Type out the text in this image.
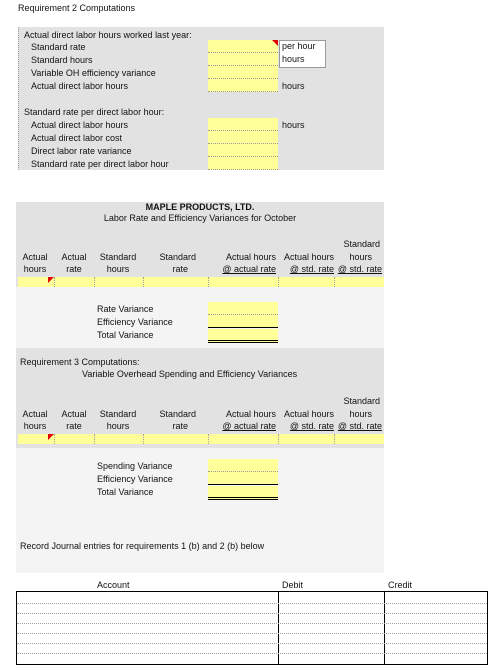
Requirement 2 Computations
Actual direct labor hours worked last year:
Standard rate
Standard hours
Variable OH efficiency variance
Actual direct labor hours
per hour
hours
hours
Standard rate per direct labor hour:
Actual direct labor hours
Actual direct labor cost
Direct labor rate variance
Standard rate per direct labor hour
hours
MAPLE PRODUCTS, LTD.
Labor Rate and Efficiency Variances for October
Actual
hours
Actual
rate
Standard
hours
Standard
rate
Actual hours
@ actual rate
Actual hours
@ std. rate
Standard
hours
@ std. rate
Rate Variance
Efficiency Variance
Total Variance
Requirement 3 Computations:
Variable Overhead Spending and Efficiency Variances
Actual
hours
Actual
rate
Standard
hours
Standard
rate
Actual hours
@ actual rate
Actual hours
@ std. rate
Standard
hours
@ std. rate
Spending Variance
Efficiency Variance
Total Variance
Record Journal entries for requirements 1 (b) and 2 (b) below
Account	Debit	Credit
